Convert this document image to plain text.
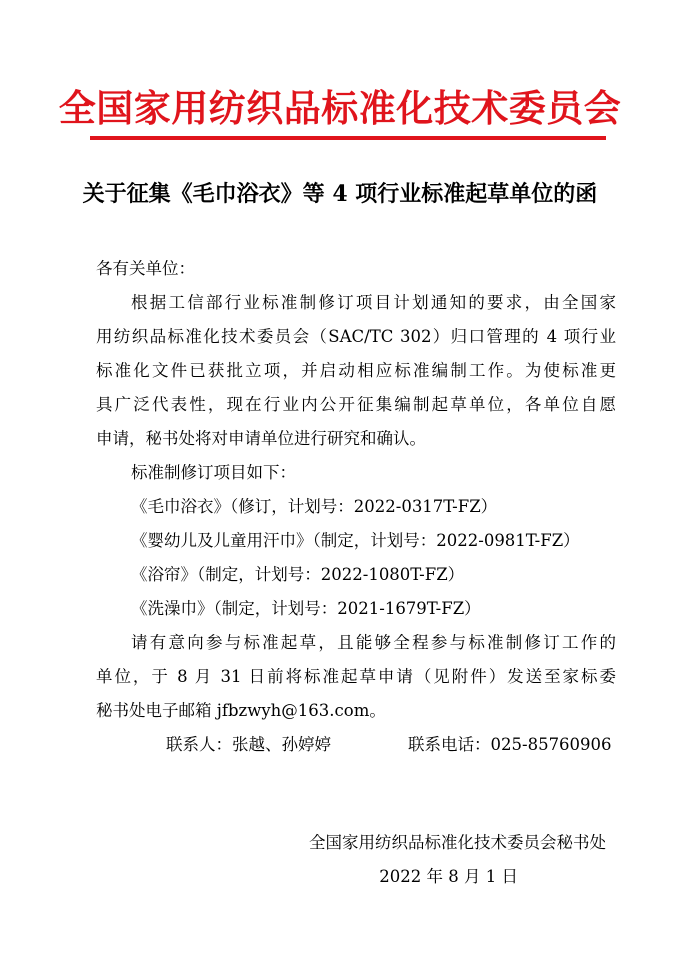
全国家用纺织品标准化技术委员会
关于征集《毛巾浴衣》等 4 项行业标准起草单位的函

各有关单位：

根据工信部行业标准制修订项目计划通知的要求，由全国家

用纺织品标准化技术委员会（SAC/TC 302）归口管理的 4 项行业

标准化文件已获批立项，并启动相应标准编制工作。为使标准更

具广泛代表性，现在行业内公开征集编制起草单位，各单位自愿

申请，秘书处将对申请单位进行研究和确认。

标准制修订项目如下：

《毛巾浴衣》（修订，计划号：2022-0317T-FZ）

《婴幼儿及儿童用汗巾》（制定，计划号：2022-0981T-FZ）

《浴帘》（制定，计划号：2022-1080T-FZ）

《洗澡巾》（制定，计划号：2021-1679T-FZ）

请有意向参与标准起草，且能够全程参与标准制修订工作的

单位，于 8 月 31 日前将标准起草申请（见附件）发送至家标委

秘书处电子邮箱 jfbzwyh@163.com。

联系人：张越、孙婷婷	联系电话：025-85760906

全国家用纺织品标准化技术委员会秘书处

2022 年 8 月 1 日
